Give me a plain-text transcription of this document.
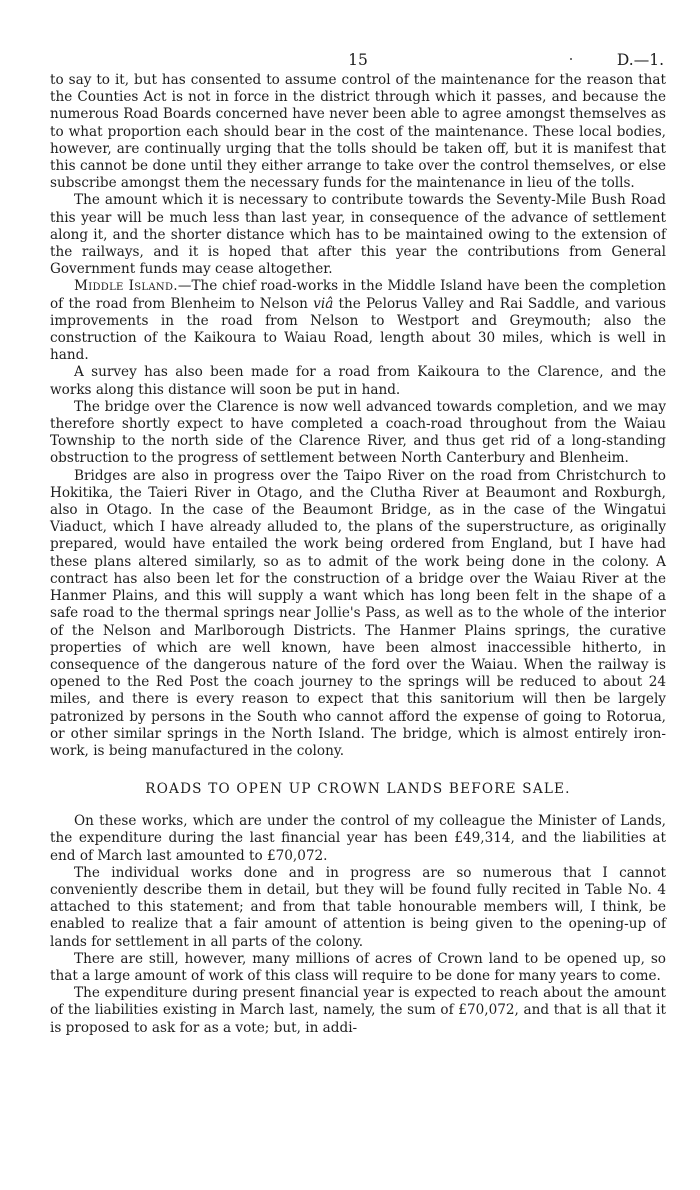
15	D.—1.

to say to it, but has consented to assume control of the maintenance for the reason that the Counties Act is not in force in the district through which it passes, and because the numerous Road Boards concerned have never been able to agree amongst themselves as to what proportion each should bear in the cost of the maintenance. These local bodies, however, are continually urging that the tolls should be taken off, but it is manifest that this cannot be done until they either arrange to take over the control themselves, or else subscribe amongst them the necessary funds for the maintenance in lieu of the tolls.

The amount which it is necessary to contribute towards the Seventy-Mile Bush Road this year will be much less than last year, in consequence of the advance of settlement along it, and the shorter distance which has to be maintained owing to the extension of the railways, and it is hoped that after this year the contributions from General Government funds may cease altogether.

Middle Island.—The chief road-works in the Middle Island have been the completion of the road from Blenheim to Nelson viâ the Pelorus Valley and Rai Saddle, and various improvements in the road from Nelson to Westport and Greymouth; also the construction of the Kaikoura to Waiau Road, length about 30 miles, which is well in hand.

A survey has also been made for a road from Kaikoura to the Clarence, and the works along this distance will soon be put in hand.

The bridge over the Clarence is now well advanced towards completion, and we may therefore shortly expect to have completed a coach-road throughout from the Waiau Township to the north side of the Clarence River, and thus get rid of a long-standing obstruction to the progress of settlement between North Canterbury and Blenheim.

Bridges are also in progress over the Taipo River on the road from Christchurch to Hokitika, the Taieri River in Otago, and the Clutha River at Beaumont and Roxburgh, also in Otago. In the case of the Beaumont Bridge, as in the case of the Wingatui Viaduct, which I have already alluded to, the plans of the superstructure, as originally prepared, would have entailed the work being ordered from England, but I have had these plans altered similarly, so as to admit of the work being done in the colony. A contract has also been let for the construction of a bridge over the Waiau River at the Hanmer Plains, and this will supply a want which has long been felt in the shape of a safe road to the thermal springs near Jollie's Pass, as well as to the whole of the interior of the Nelson and Marlborough Districts. The Hanmer Plains springs, the curative properties of which are well known, have been almost inaccessible hitherto, in consequence of the dangerous nature of the ford over the Waiau. When the railway is opened to the Red Post the coach journey to the springs will be reduced to about 24 miles, and there is every reason to expect that this sanitorium will then be largely patronized by persons in the South who cannot afford the expense of going to Rotorua, or other similar springs in the North Island. The bridge, which is almost entirely iron-work, is being manufactured in the colony.

ROADS TO OPEN UP CROWN LANDS BEFORE SALE.

On these works, which are under the control of my colleague the Minister of Lands, the expenditure during the last financial year has been £49,314, and the liabilities at end of March last amounted to £70,072.

The individual works done and in progress are so numerous that I cannot conveniently describe them in detail, but they will be found fully recited in Table No. 4 attached to this statement; and from that table honourable members will, I think, be enabled to realize that a fair amount of attention is being given to the opening-up of lands for settlement in all parts of the colony.

There are still, however, many millions of acres of Crown land to be opened up, so that a large amount of work of this class will require to be done for many years to come.

The expenditure during present financial year is expected to reach about the amount of the liabilities existing in March last, namely, the sum of £70,072, and that is all that it is proposed to ask for as a vote; but, in addi-
